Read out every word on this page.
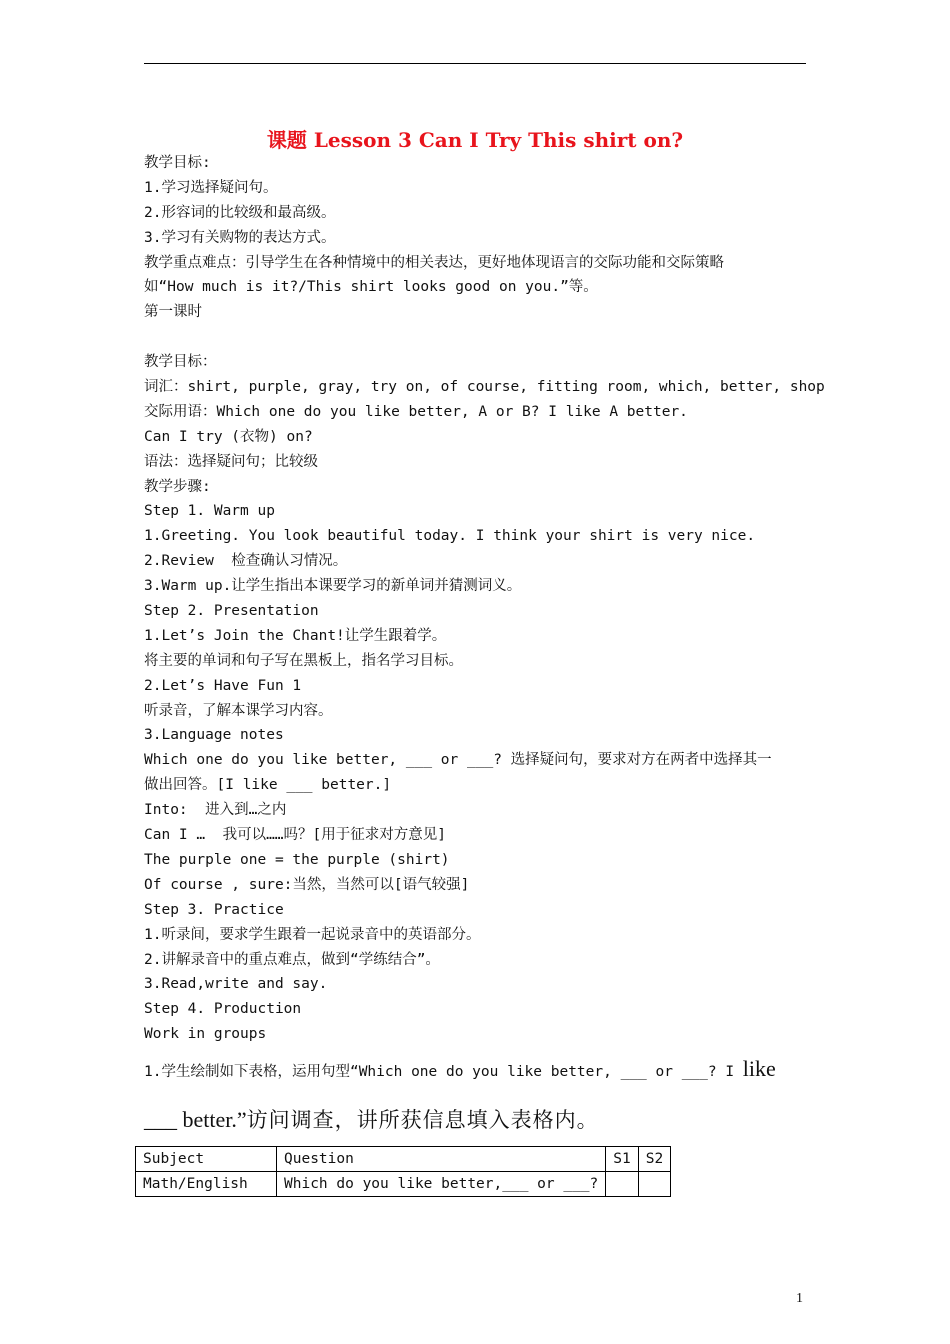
课题 Lesson 3 Can I Try This shirt on?
教学目标:
1.学习选择疑问句。
2.形容词的比较级和最高级。
3.学习有关购物的表达方式。
教学重点难点：引导学生在各种情境中的相关表达，更好地体现语言的交际功能和交际策略
如“How much is it?/This shirt looks good on you.”等。
第一课时
教学目标：
词汇：shirt, purple, gray, try on, of course, fitting room, which, better, shop
交际用语：Which one do you like better, A or B? I like A better.
Can I try (衣物) on?
语法：选择疑问句；比较级
教学步骤:
Step 1. Warm up
1.Greeting. You look beautiful today. I think your shirt is very nice.
2.Review  检查确认习情况。
3.Warm up.让学生指出本课要学习的新单词并猜测词义。
Step 2. Presentation
1.Let’s Join the Chant!让学生跟着学。
将主要的单词和句子写在黑板上，指名学习目标。
2.Let’s Have Fun 1
听录音，了解本课学习内容。
3.Language notes
Which one do you like better, ___ or ___? 选择疑问句，要求对方在两者中选择其一
做出回答。[I like ___ better.]
Into:  进入到…之内
Can I …  我可以……吗？[用于征求对方意见]
The purple one = the purple (shirt)
Of course , sure:当然，当然可以[语气较强]
Step 3. Practice
1.听录间，要求学生跟着一起说录音中的英语部分。
2.讲解录音中的重点难点，做到“学练结合”。
3.Read,write and say.
Step 4. Production
Work in groups
1.学生绘制如下表格，运用句型“Which one do you like better, ___ or ___? I like
___ better.”访问调查，讲所获信息填入表格内。
Subject	Question	S1	S2
Math/English	Which do you like better,___ or ___?		
1
